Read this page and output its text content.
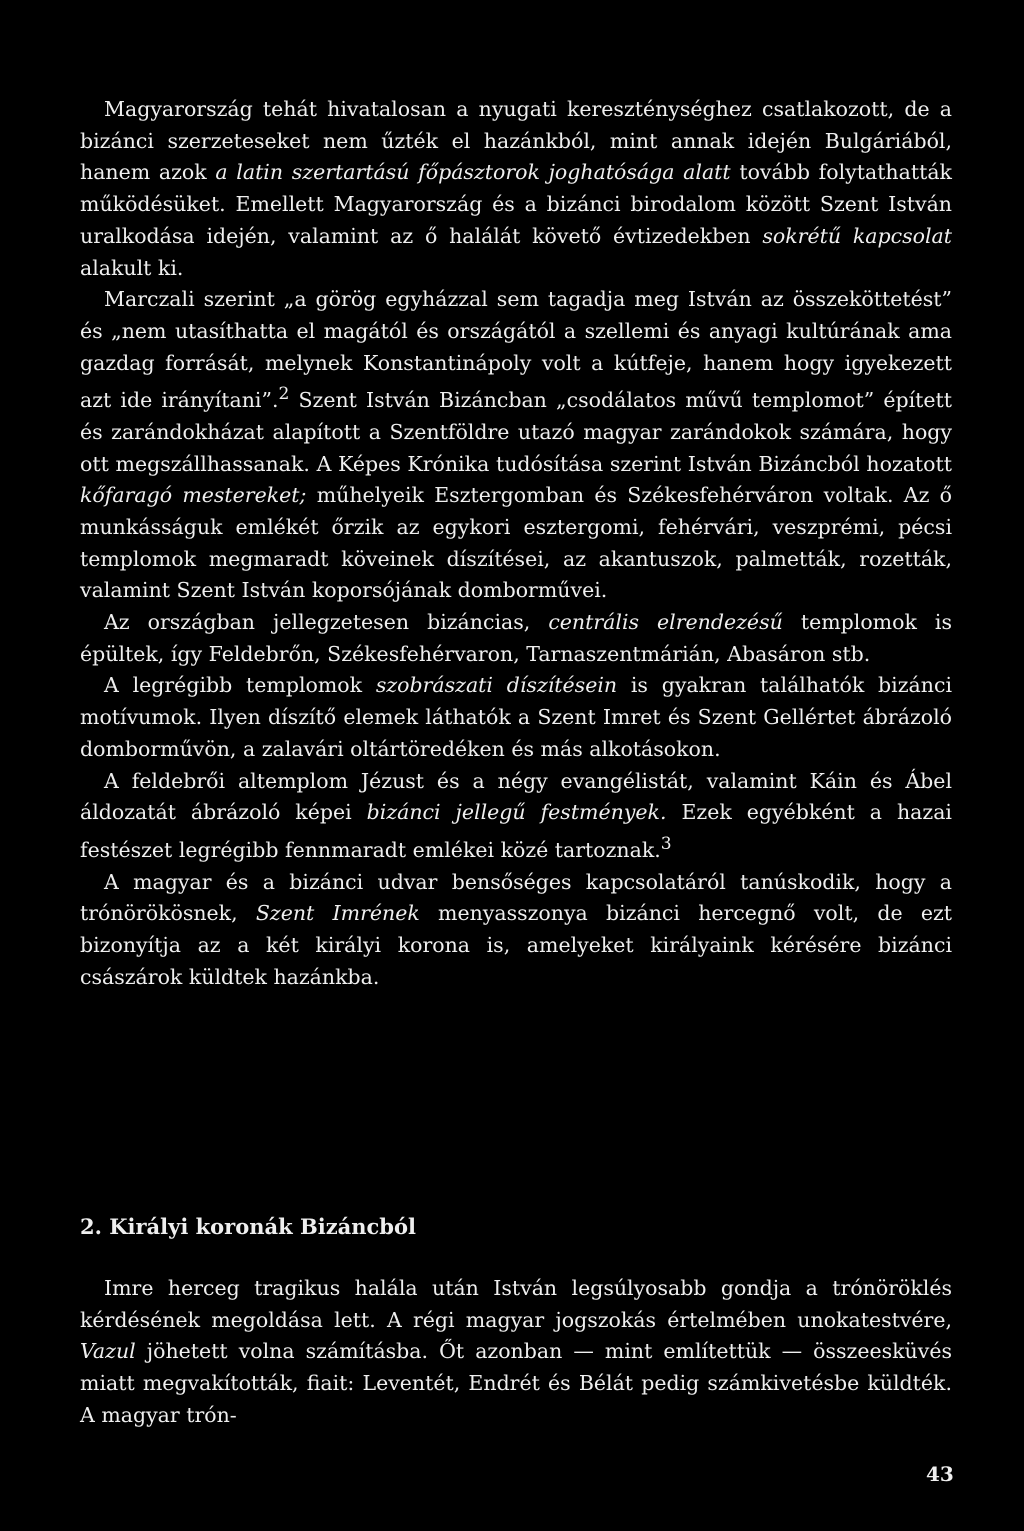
Magyarország tehát hivatalosan a nyugati kereszténységhez csatlakozott, de a bizánci szerzeteseket nem űzték el hazánkból, mint annak idején Bulgáriából, hanem azok a latin szertartású főpásztorok joghatósága alatt tovább folytathatták működésüket. Emellett Magyarország és a bizánci birodalom között Szent István uralkodása idején, valamint az ő halálát követő évtizedekben sokrétű kapcsolat alakult ki.

Marczali szerint „a görög egyházzal sem tagadja meg István az összeköttetést” és „nem utasíthatta el magától és országától a szellemi és anyagi kultúrának ama gazdag forrását, melynek Konstantinápoly volt a kútfeje, hanem hogy igyekezett azt ide irányítani”.$^2$ Szent István Bizáncban „csodálatos művű templomot” épített és zarándokházat alapított a Szentföldre utazó magyar zarándokok számára, hogy ott megszállhassanak. A Képes Krónika tudósítása szerint István Bizáncból hozatott kőfaragó mestereket; műhelyeik Esztergomban és Székesfehérváron voltak. Az ő munkásságuk emlékét őrzik az egykori esztergomi, fehérvári, veszprémi, pécsi templomok megmaradt köveinek díszítései, az akantuszok, palmetták, rozetták, valamint Szent István koporsójának domborművei.

Az országban jellegzetesen bizáncias, centrális elrendezésű templomok is épültek, így Feldebrőn, Székesfehérvaron, Tarnaszentmárián, Abasáron stb.

A legrégibb templomok szobrászati díszítésein is gyakran találhatók bizánci motívumok. Ilyen díszítő elemek láthatók a Szent Imret és Szent Gellértet ábrázoló domborművön, a zalavári oltártöredéken és más alkotásokon.

A feldebrői altemplom Jézust és a négy evangélistát, valamint Káin és Ábel áldozatát ábrázoló képei bizánci jellegű festmények. Ezek egyébként a hazai festészet legrégibb fennmaradt emlékei közé tartoznak.$^3$

A magyar és a bizánci udvar bensőséges kapcsolatáról tanúskodik, hogy a trónörökösnek, Szent Imrének menyasszonya bizánci hercegnő volt, de ezt bizonyítja az a két királyi korona is, amelyeket királyaink kérésére bizánci császárok küldtek hazánkba.

2. Királyi koronák Bizáncból

Imre herceg tragikus halála után István legsúlyosabb gondja a trónöröklés kérdésének megoldása lett. A régi magyar jogszokás értelmében unokatestvére, Vazul jöhetett volna számításba. Őt azonban — mint említettük — összeesküvés miatt megvakították, fiait: Leventét, Endrét és Bélát pedig számkivetésbe küldték. A magyar trón-

43
